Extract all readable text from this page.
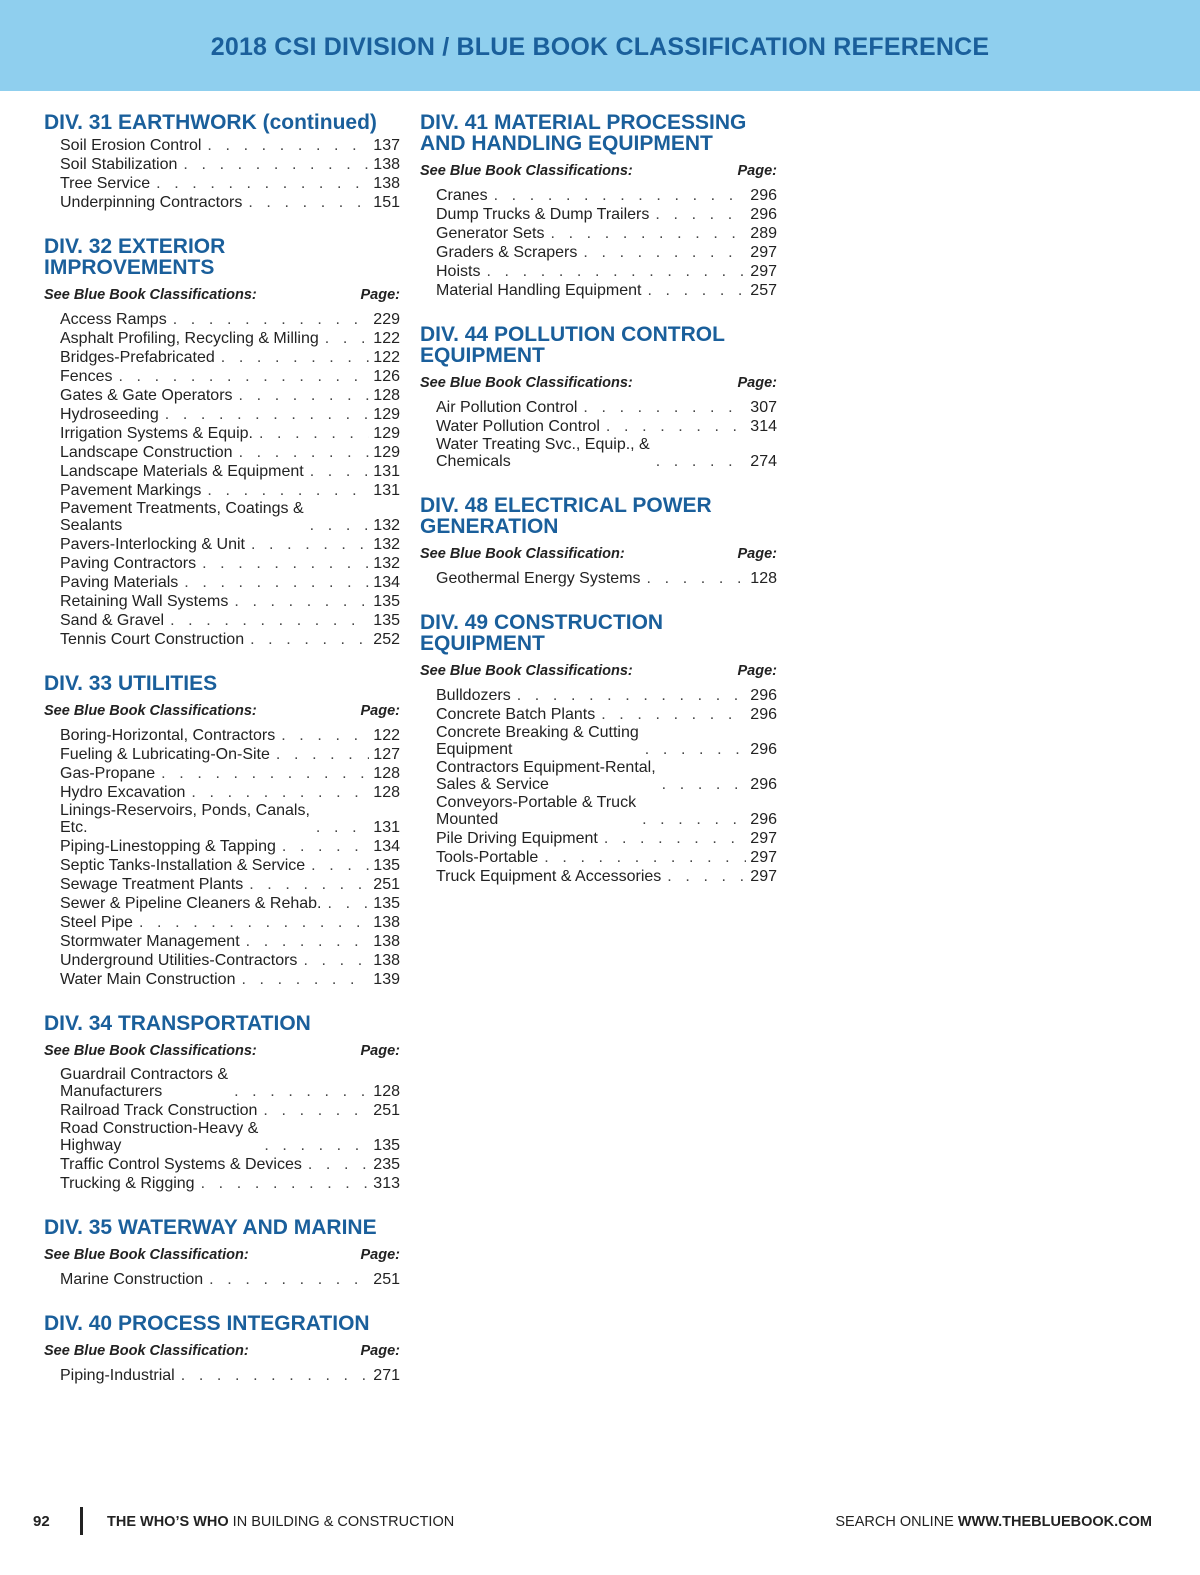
2018 CSI DIVISION / BLUE BOOK CLASSIFICATION REFERENCE
DIV. 31 EARTHWORK (continued)
Soil Erosion Control . . .	137
Soil Stabilization . . .	138
Tree Service . . .	138
Underpinning Contractors . . .	151
DIV. 32 EXTERIOR IMPROVEMENTS
See Blue Book Classifications:	Page:
Access Ramps . . .	229
Asphalt Profiling, Recycling & Milling . . .	122
Bridges-Prefabricated . . .	122
Fences . . .	126
Gates & Gate Operators . . .	128
Hydroseeding . . .	129
Irrigation Systems & Equip. . . .	129
Landscape Construction . . .	129
Landscape Materials & Equipment . . .	131
Pavement Markings . . .	131
Pavement Treatments, Coatings &
Sealants . . .	132
Pavers-Interlocking & Unit . . .	132
Paving Contractors . . .	132
Paving Materials . . .	134
Retaining Wall Systems . . .	135
Sand & Gravel . . .	135
Tennis Court Construction . . .	252
DIV. 33 UTILITIES
See Blue Book Classifications:	Page:
Boring-Horizontal, Contractors . . .	122
Fueling & Lubricating-On-Site . . .	127
Gas-Propane . . .	128
Hydro Excavation . . .	128
Linings-Reservoirs, Ponds, Canals,
Etc. . . .	131
Piping-Linestopping & Tapping . . .	134
Septic Tanks-Installation & Service . . .	135
Sewage Treatment Plants . . .	251
Sewer & Pipeline Cleaners & Rehab. . . .	135
Steel Pipe . . .	138
Stormwater Management . . .	138
Underground Utilities-Contractors . . .	138
Water Main Construction . . .	139
DIV. 34 TRANSPORTATION
See Blue Book Classifications:	Page:
Guardrail Contractors &
Manufacturers . . .	128
Railroad Track Construction . . .	251
Road Construction-Heavy &
Highway . . .	135
Traffic Control Systems & Devices . . .	235
Trucking & Rigging . . .	313
DIV. 35 WATERWAY AND MARINE
See Blue Book Classification:	Page:
Marine Construction . . .	251
DIV. 40 PROCESS INTEGRATION
See Blue Book Classification:	Page:
Piping-Industrial . . .	271
DIV. 41 MATERIAL PROCESSING
AND HANDLING EQUIPMENT
See Blue Book Classifications:	Page:
Cranes . . .	296
Dump Trucks & Dump Trailers . . .	296
Generator Sets . . .	289
Graders & Scrapers . . .	297
Hoists . . .	297
Material Handling Equipment . . .	257
DIV. 44 POLLUTION CONTROL
EQUIPMENT
See Blue Book Classifications:	Page:
Air Pollution Control . . .	307
Water Pollution Control . . .	314
Water Treating Svc., Equip., &
Chemicals . . .	274
DIV. 48 ELECTRICAL POWER
GENERATION
See Blue Book Classification:	Page:
Geothermal Energy Systems . . .	128
DIV. 49 CONSTRUCTION
EQUIPMENT
See Blue Book Classifications:	Page:
Bulldozers . . .	296
Concrete Batch Plants . . .	296
Concrete Breaking & Cutting
Equipment . . .	296
Contractors Equipment-Rental,
Sales & Service . . .	296
Conveyors-Portable & Truck
Mounted . . .	296
Pile Driving Equipment . . .	297
Tools-Portable . . .	297
Truck Equipment & Accessories . . .	297
92	THE WHO’S WHO IN BUILDING & CONSTRUCTION	SEARCH ONLINE WWW.THEBLUEBOOK.COM
